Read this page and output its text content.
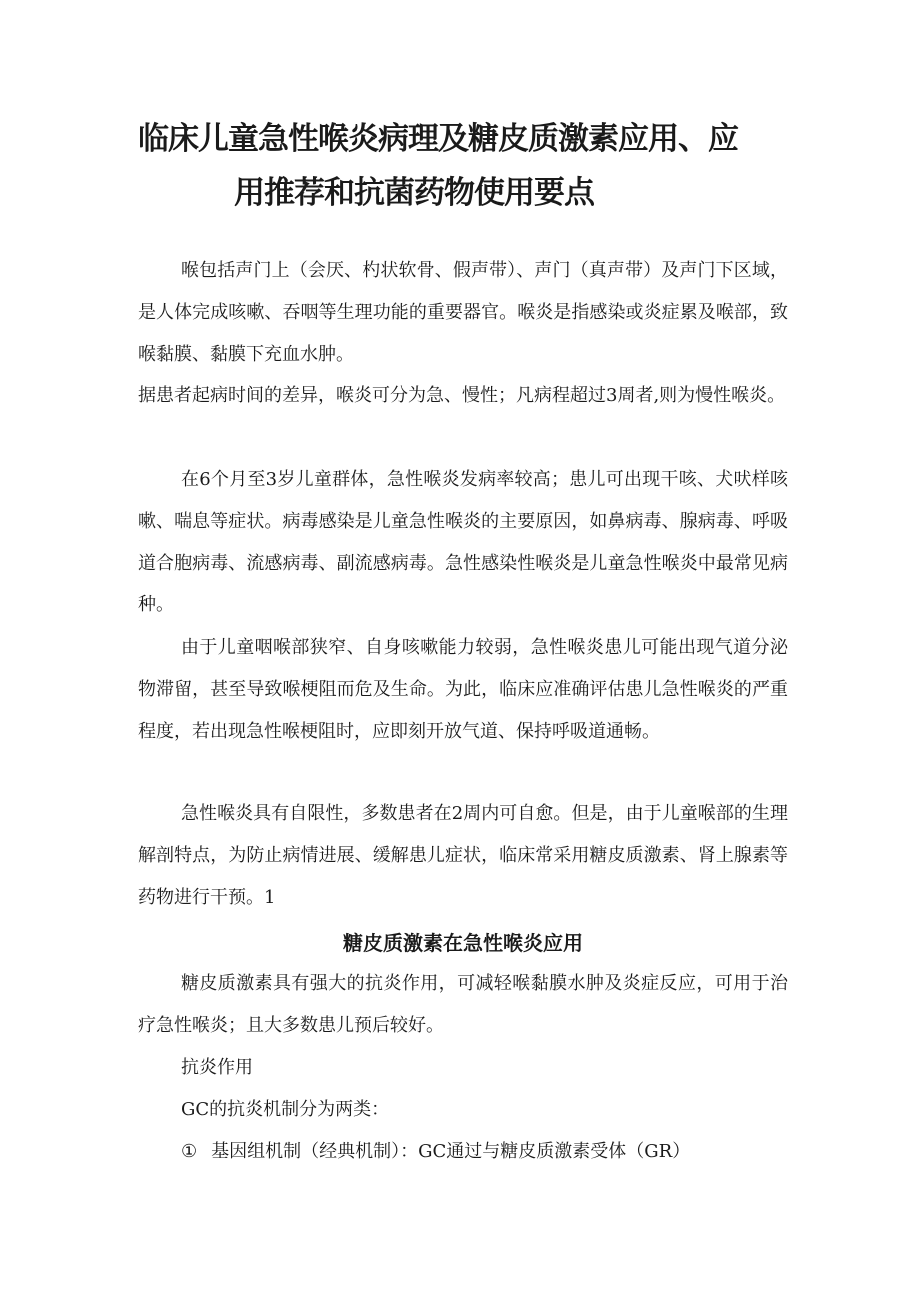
临床儿童急性喉炎病理及糖皮质激素应用、应
用推荐和抗菌药物使用要点

喉包括声门上（会厌、杓状软骨、假声带）、声门（真声带）及声门下区域，是人体完成咳嗽、吞咽等生理功能的重要器官。喉炎是指感染或炎症累及喉部，致喉黏膜、黏膜下充血水肿。

据患者起病时间的差异，喉炎可分为急、慢性；凡病程超过3周者,则为慢性喉炎。

在6个月至3岁儿童群体，急性喉炎发病率较高；患儿可出现干咳、犬吠样咳嗽、喘息等症状。病毒感染是儿童急性喉炎的主要原因，如鼻病毒、腺病毒、呼吸道合胞病毒、流感病毒、副流感病毒。急性感染性喉炎是儿童急性喉炎中最常见病种。

由于儿童咽喉部狭窄、自身咳嗽能力较弱，急性喉炎患儿可能出现气道分泌物滞留，甚至导致喉梗阻而危及生命。为此，临床应准确评估患儿急性喉炎的严重程度，若出现急性喉梗阻时，应即刻开放气道、保持呼吸道通畅。

急性喉炎具有自限性，多数患者在2周内可自愈。但是，由于儿童喉部的生理解剖特点，为防止病情进展、缓解患儿症状，临床常采用糖皮质激素、肾上腺素等药物进行干预。1

糖皮质激素在急性喉炎应用

糖皮质激素具有强大的抗炎作用，可减轻喉黏膜水肿及炎症反应，可用于治疗急性喉炎；且大多数患儿预后较好。

抗炎作用

GC的抗炎机制分为两类：

① 基因组机制（经典机制）：GC通过与糖皮质激素受体（GR）
